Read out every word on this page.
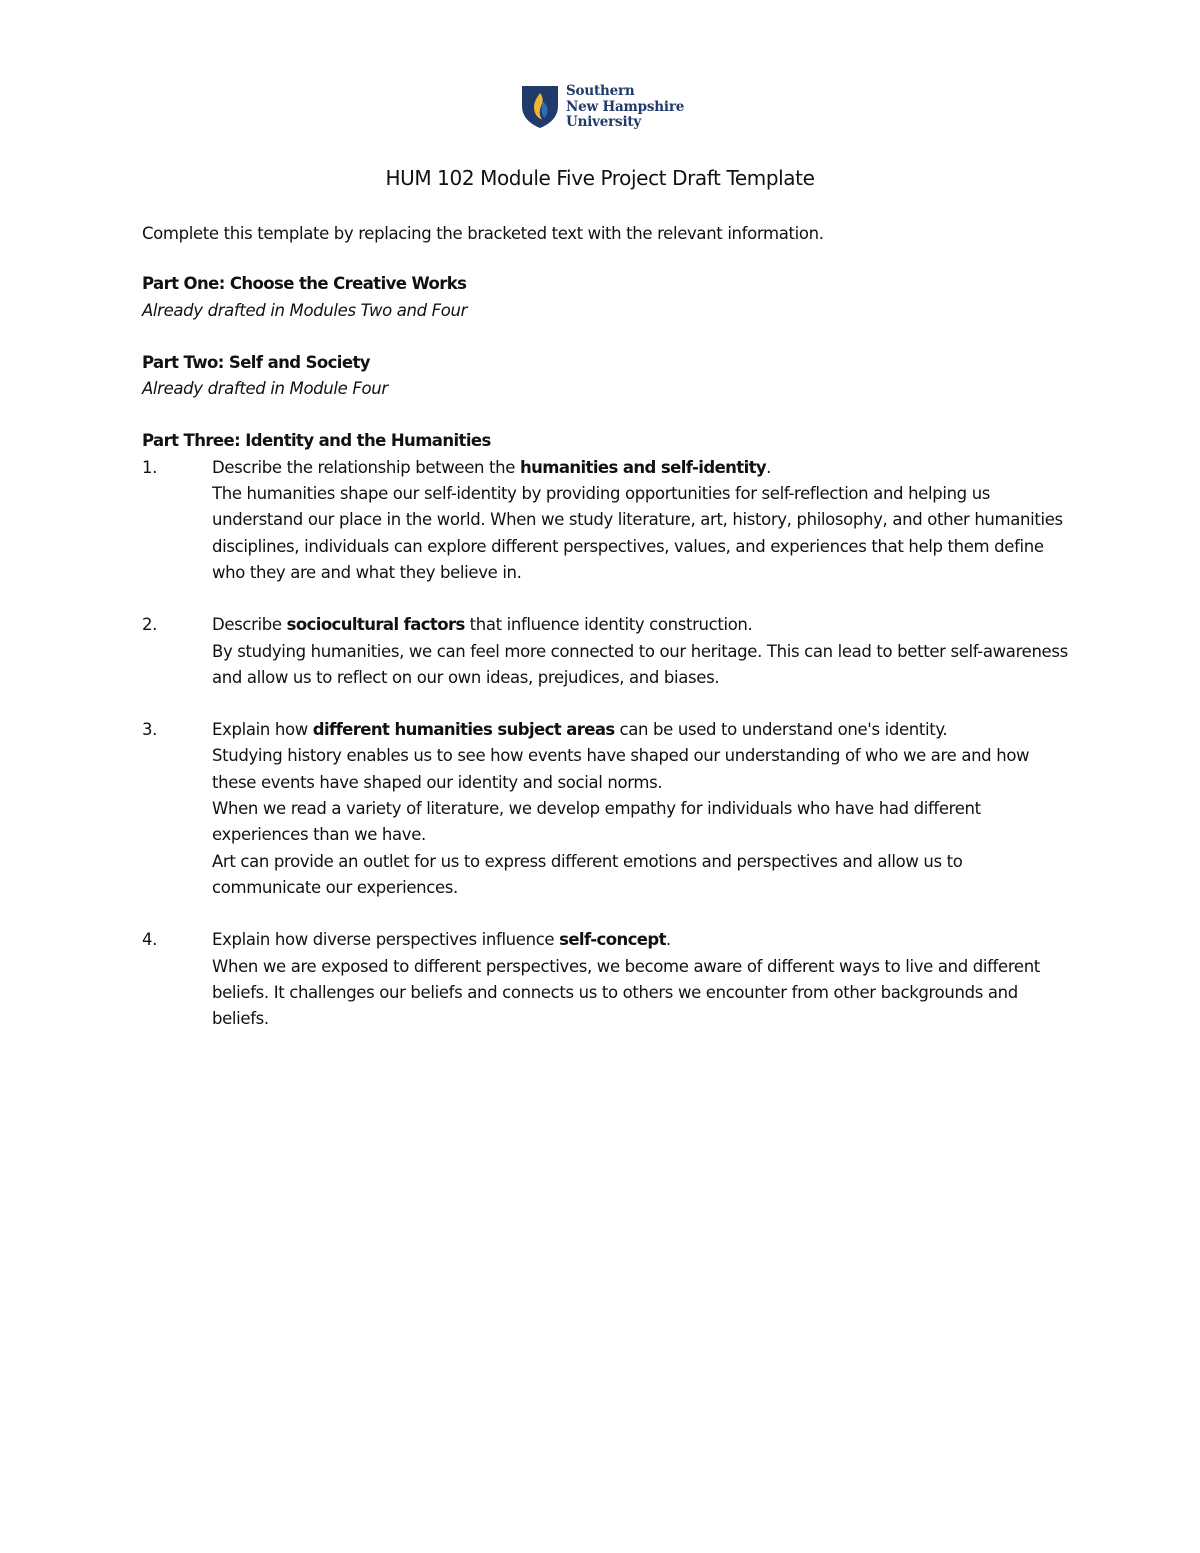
Southern
New Hampshire
University
HUM 102 Module Five Project Draft Template

Complete this template by replacing the bracketed text with the relevant information.

Part One: Choose the Creative Works

Already drafted in Modules Two and Four

Part Two: Self and Society

Already drafted in Module Four

Part Three: Identity and the Humanities

1.	Describe the relationship between the humanities and self-identity.

The humanities shape our self-identity by providing opportunities for self-reflection and helping us understand our place in the world. When we study literature, art, history, philosophy, and other humanities disciplines, individuals can explore different perspectives, values, and experiences that help them define who they are and what they believe in.

2.	Describe sociocultural factors that influence identity construction.

By studying humanities, we can feel more connected to our heritage. This can lead to better self-awareness and allow us to reflect on our own ideas, prejudices, and biases.

3.	Explain how different humanities subject areas can be used to understand one's identity.

Studying history enables us to see how events have shaped our understanding of who we are and how these events have shaped our identity and social norms.

When we read a variety of literature, we develop empathy for individuals who have had different experiences than we have.

Art can provide an outlet for us to express different emotions and perspectives and allow us to communicate our experiences.

4.	Explain how diverse perspectives influence self-concept.

When we are exposed to different perspectives, we become aware of different ways to live and different beliefs. It challenges our beliefs and connects us to others we encounter from other backgrounds and beliefs.
